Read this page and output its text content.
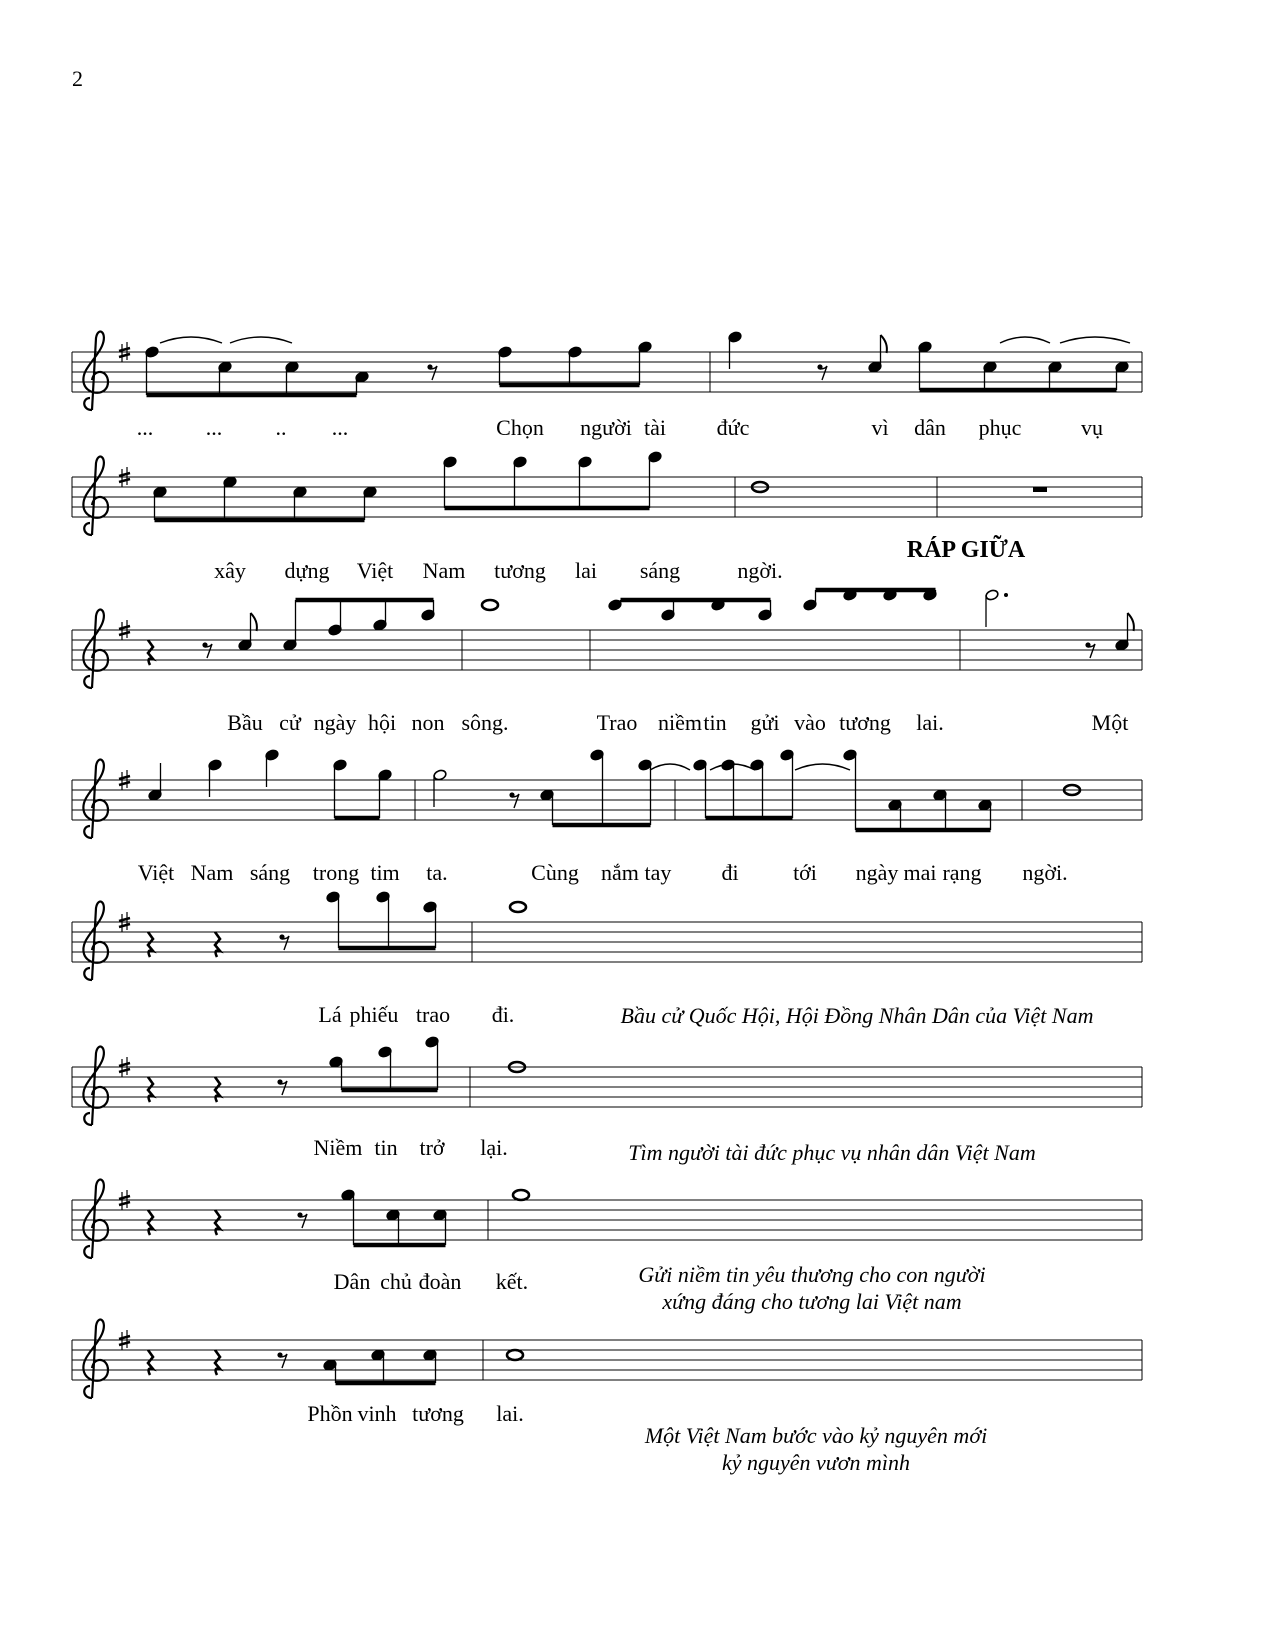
2
... ... .. ...	Chọn người tài đức	vì dân phục	vụ
xây dựng Việt Nam tương lai sáng	ngời.
Bầu cử ngày hội non sông.	Trao niềm tin gửi vào tương lai.	Một
Việt Nam sáng trong tim ta.	Cùng nắm tay đi tới ngày mai rạng ngời.
Lá phiếu trao đi.	Bầu cử Quốc Hội, Hội Đồng Nhân Dân của Việt Nam
Niềm tin trở lại.	Tìm người tài đức phục vụ nhân dân Việt Nam
Dân chủ đoàn kết.	Gửi niềm tin yêu thương cho con người
xứng đáng cho tương lai Việt nam
Phồn vinh tương lai.
Một Việt Nam bước vào kỷ nguyên mới
kỷ nguyên vươn mình
RÁP GIỮA
